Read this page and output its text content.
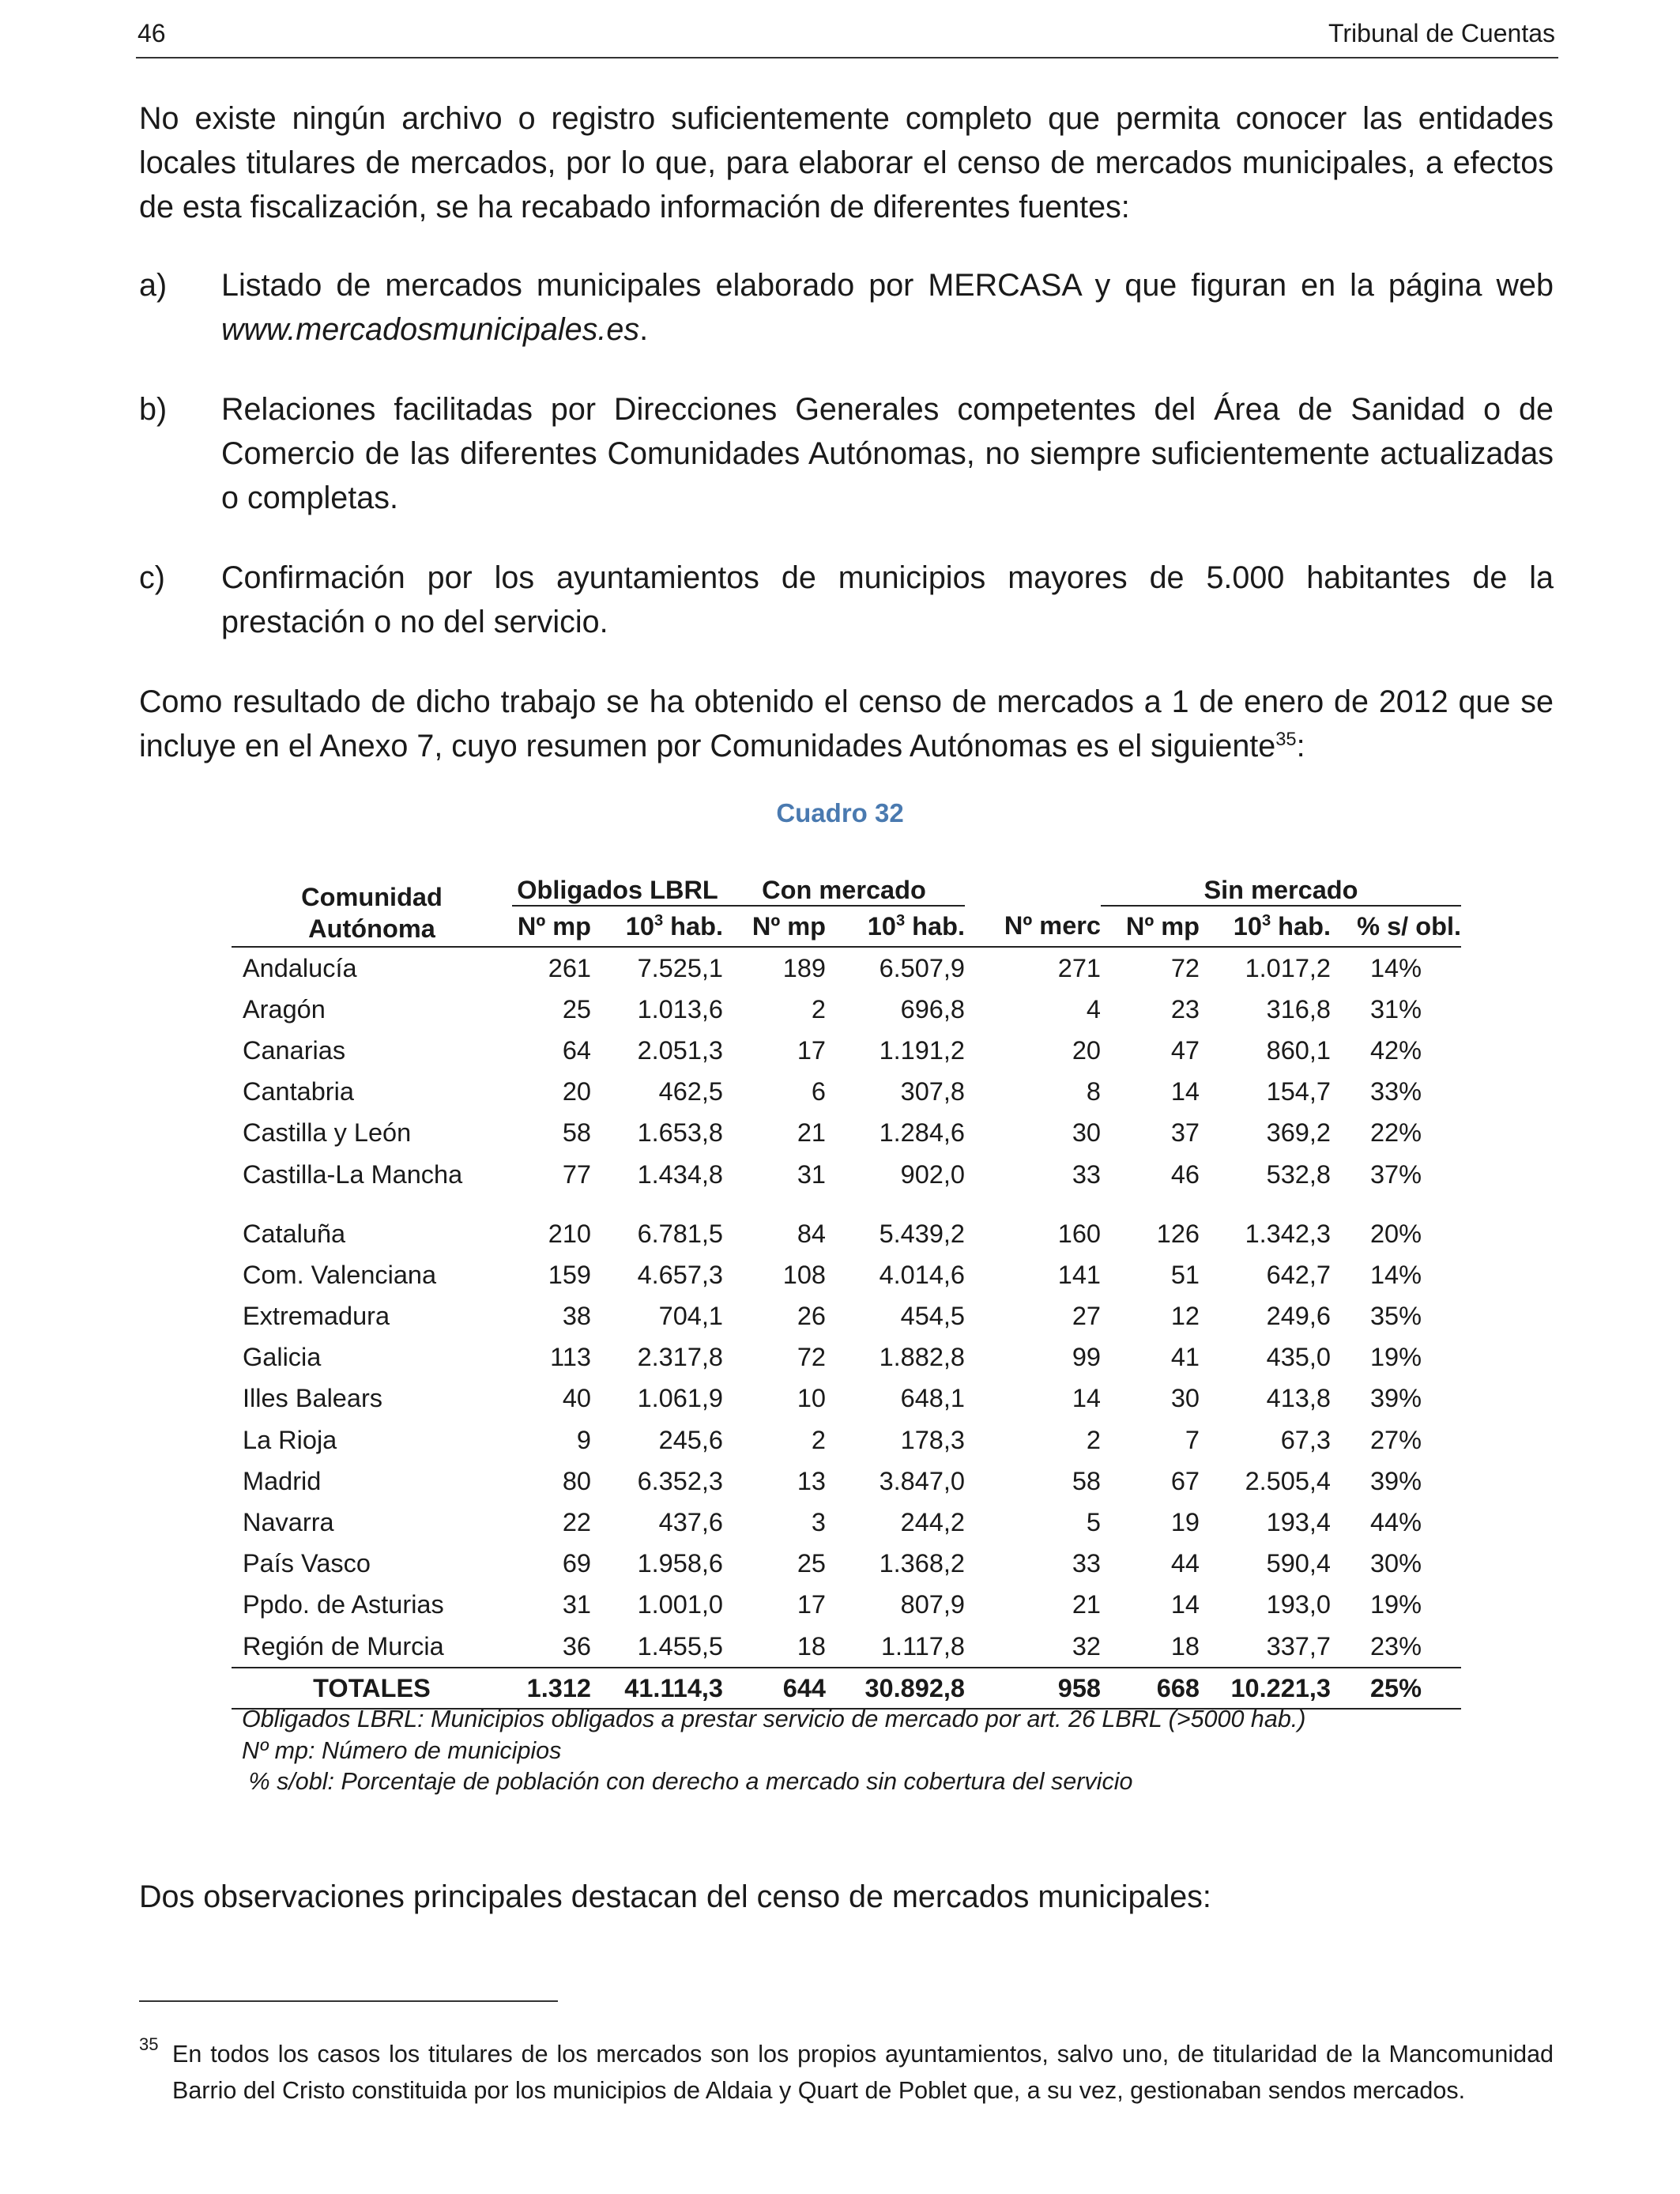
46	Tribunal de Cuentas

No existe ningún archivo o registro suficientemente completo que permita conocer las entidades locales titulares de mercados, por lo que, para elaborar el censo de mercados municipales, a efectos de esta fiscalización, se ha recabado información de diferentes fuentes:

a) Listado de mercados municipales elaborado por MERCASA y que figuran en la página web www.mercadosmunicipales.es.

b) Relaciones facilitadas por Direcciones Generales competentes del Área de Sanidad o de Comercio de las diferentes Comunidades Autónomas, no siempre suficientemente actualizadas o completas.

c) Confirmación por los ayuntamientos de municipios mayores de 5.000 habitantes de la prestación o no del servicio.

Como resultado de dicho trabajo se ha obtenido el censo de mercados a 1 de enero de 2012 que se incluye en el Anexo 7, cuyo resumen por Comunidades Autónomas es el siguiente$^{35}$:

Cuadro 32
Comunidad
Autónoma	Obligados LBRL		Con mercado			Sin mercado		
	Nº mp	$10^3$ hab.	Nº mp	$10^3$ hab.	Nº merc	Nº mp	$10^3$ hab.	% s/ obl.
Andalucía	261	7.525,1	189	6.507,9	271	72	1.017,2	14%
Aragón	25	1.013,6	2	696,8	4	23	316,8	31%
Canarias	64	2.051,3	17	1.191,2	20	47	860,1	42%
Cantabria	20	462,5	6	307,8	8	14	154,7	33%
Castilla y León	58	1.653,8	21	1.284,6	30	37	369,2	22%
Castilla-La Mancha	77	1.434,8	31	902,0	33	46	532,8	37%
Cataluña	210	6.781,5	84	5.439,2	160	126	1.342,3	20%
Com. Valenciana	159	4.657,3	108	4.014,6	141	51	642,7	14%
Extremadura	38	704,1	26	454,5	27	12	249,6	35%
Galicia	113	2.317,8	72	1.882,8	99	41	435,0	19%
Illes Balears	40	1.061,9	10	648,1	14	30	413,8	39%
La Rioja	9	245,6	2	178,3	2	7	67,3	27%
Madrid	80	6.352,3	13	3.847,0	58	67	2.505,4	39%
Navarra	22	437,6	3	244,2	5	19	193,4	44%
País Vasco	69	1.958,6	25	1.368,2	33	44	590,4	30%
Ppdo. de Asturias	31	1.001,0	17	807,9	21	14	193,0	19%
Región de Murcia	36	1.455,5	18	1.117,8	32	18	337,7	23%
TOTALES	1.312	41.114,3	644	30.892,8	958	668	10.221,3	25%
Obligados LBRL: Municipios obligados a prestar servicio de mercado por art. 26 LBRL (>5000 hab.)
Nº mp: Número de municipios
% s/obl: Porcentaje de población con derecho a mercado sin cobertura del servicio

Dos observaciones principales destacan del censo de mercados municipales:

35 En todos los casos los titulares de los mercados son los propios ayuntamientos, salvo uno, de titularidad de la Mancomunidad Barrio del Cristo constituida por los municipios de Aldaia y Quart de Poblet que, a su vez, gestionaban sendos mercados.
